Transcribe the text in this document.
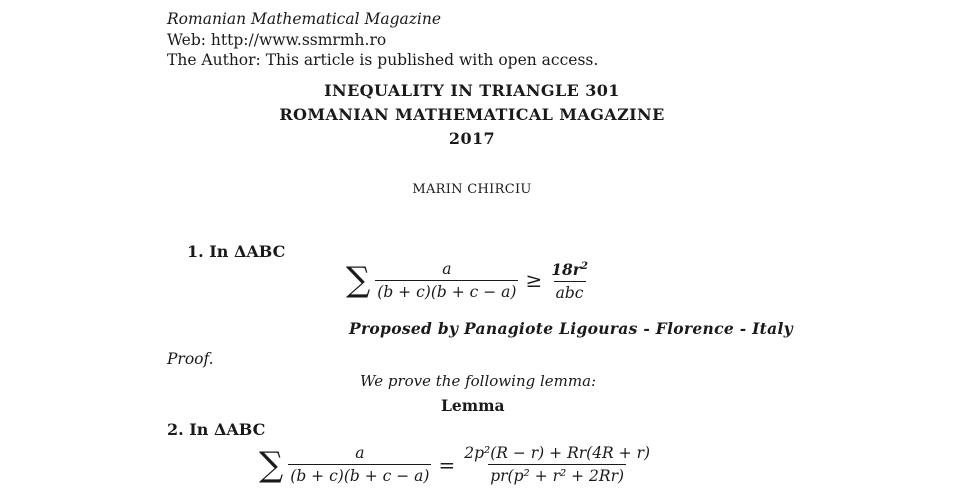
Romanian Mathematical Magazine
Web: http://www.ssmrmh.ro
The Author: This article is published with open access.
INEQUALITY IN TRIANGLE 301
ROMANIAN MATHEMATICAL MAGAZINE
2017
MARIN CHIRCIU
1. In ΔABC
∑ $\frac{a}{(b + c)(b + c - a)} \ge \frac{18r^2}{\text{abc}}$
Proposed by Panagiote Ligouras - Florence - Italy
Proof.
We prove the following lemma:
Lemma
2. In ΔABC
∑ $\frac{a}{(b + c)(b + c - a)} = \frac{\text{2p²(R − r) + Rr(4R + r)}}{\text{pr(p² + r² + 2Rr)}}$
